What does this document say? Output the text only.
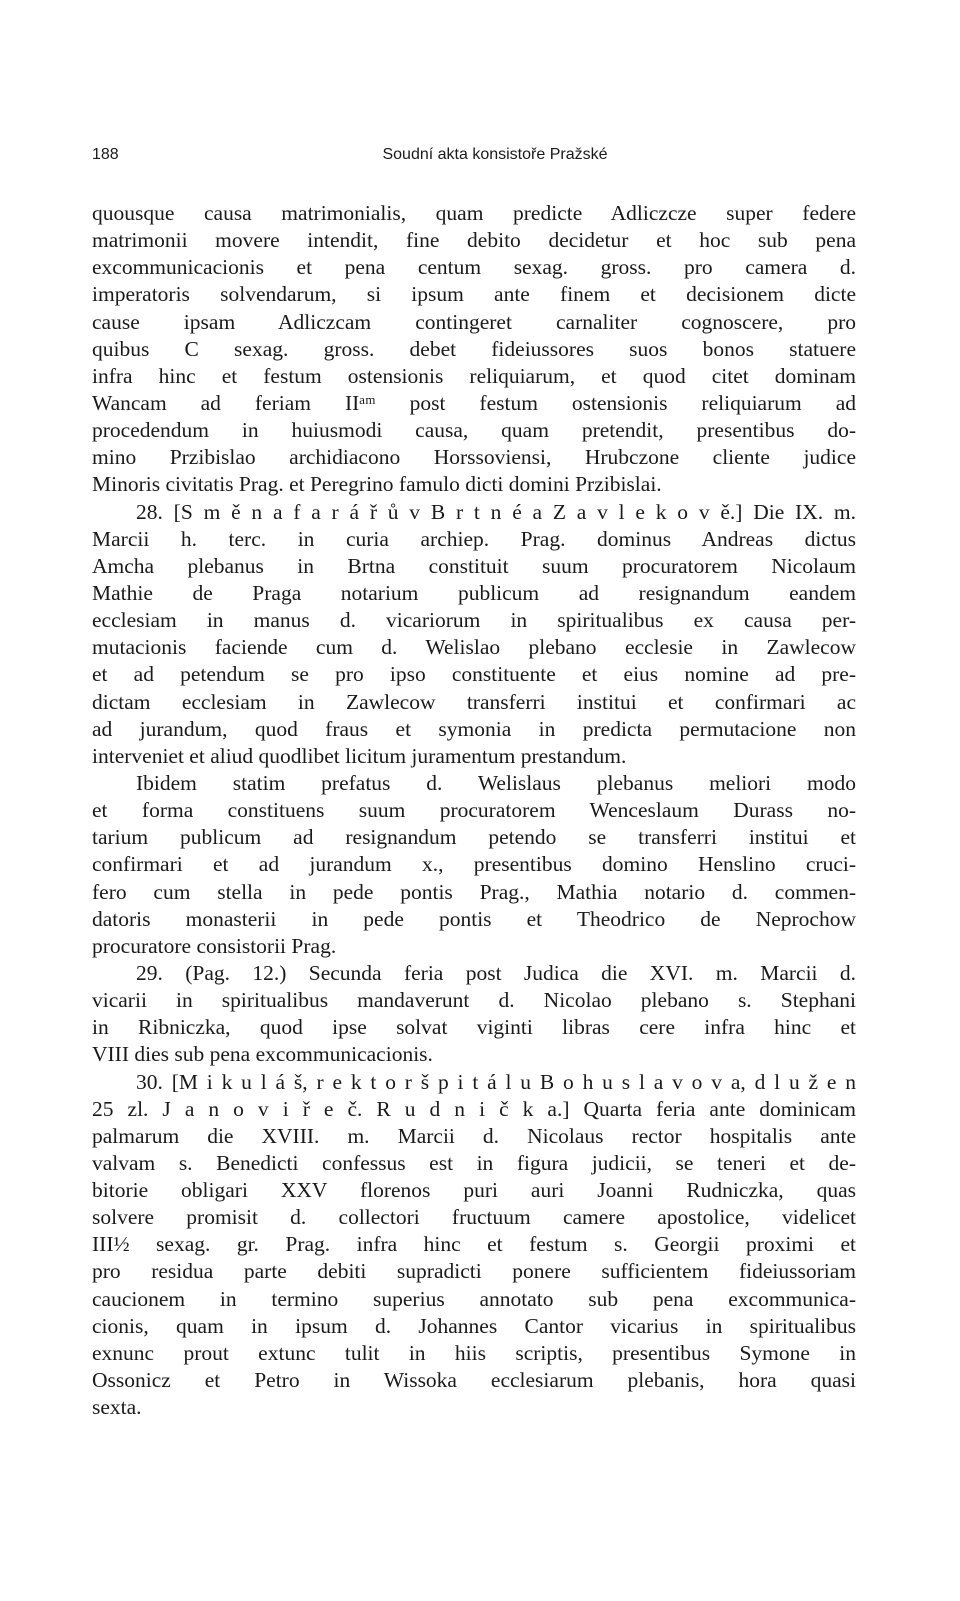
188	Soudní akta konsistoře Pražské
quousque causa matrimonialis, quam predicte Adliczcze super federe
matrimonii movere intendit, fine debito decidetur et hoc sub pena
excommunicacionis et pena centum sexag. gross. pro camera d.
imperatoris solvendarum, si ipsum ante finem et decisionem dicte
cause ipsam Adliczcam contingeret carnaliter cognoscere, pro
quibus C sexag. gross. debet fideiussores suos bonos statuere
infra hinc et festum ostensionis reliquiarum, et quod citet dominam
Wancam ad feriam IIᵃᵐ post festum ostensionis reliquiarum ad
procedendum in huiusmodi causa, quam pretendit, presentibus do-
mino Przibislao archidiacono Horssoviensi, Hrubczone cliente judice
Minoris civitatis Prag. et Peregrino famulo dicti domini Przibislai.
28. [S m ě n a f a r á ř ů v B r t n é a Z a v l e k o v ě.] Die IX. m.
Marcii h. terc. in curia archiep. Prag. dominus Andreas dictus
Amcha plebanus in Brtna constituit suum procuratorem Nicolaum
Mathie de Praga notarium publicum ad resignandum eandem
ecclesiam in manus d. vicariorum in spiritualibus ex causa per-
mutacionis faciende cum d. Welislao plebano ecclesie in Zawlecow
et ad petendum se pro ipso constituente et eius nomine ad pre-
dictam ecclesiam in Zawlecow transferri institui et confirmari ac
ad jurandum, quod fraus et symonia in predicta permutacione non
interveniet et aliud quodlibet licitum juramentum prestandum.
Ibidem statim prefatus d. Welislaus plebanus meliori modo
et forma constituens suum procuratorem Wenceslaum Durass no-
tarium publicum ad resignandum petendo se transferri institui et
confirmari et ad jurandum x., presentibus domino Henslino cruci-
fero cum stella in pede pontis Prag., Mathia notario d. commen-
datoris monasterii in pede pontis et Theodrico de Neprochow
procuratore consistorii Prag.
29. (Pag. 12.) Secunda feria post Judica die XVI. m. Marcii d.
vicarii in spiritualibus mandaverunt d. Nicolao plebano s. Stephani
in Ribniczka, quod ipse solvat viginti libras cere infra hinc et
VIII dies sub pena excommunicacionis.
30. [M i k u l á š, r e k t o r š p i t á l u B o h u s l a v o v a, d l u ž e n
25 zl. J a n o v i ř e č. R u d n i č k a.] Quarta feria ante dominicam
palmarum die XVIII. m. Marcii d. Nicolaus rector hospitalis ante
valvam s. Benedicti confessus est in figura judicii, se teneri et de-
bitorie obligari XXV florenos puri auri Joanni Rudniczka, quas
solvere promisit d. collectori fructuum camere apostolice, videlicet
III½ sexag. gr. Prag. infra hinc et festum s. Georgii proximi et
pro residua parte debiti supradicti ponere sufficientem fideiussoriam
caucionem in termino superius annotato sub pena excommunica-
cionis, quam in ipsum d. Johannes Cantor vicarius in spiritualibus
exnunc prout extunc tulit in hiis scriptis, presentibus Symone in
Ossonicz et Petro in Wissoka ecclesiarum plebanis, hora quasi
sexta.
